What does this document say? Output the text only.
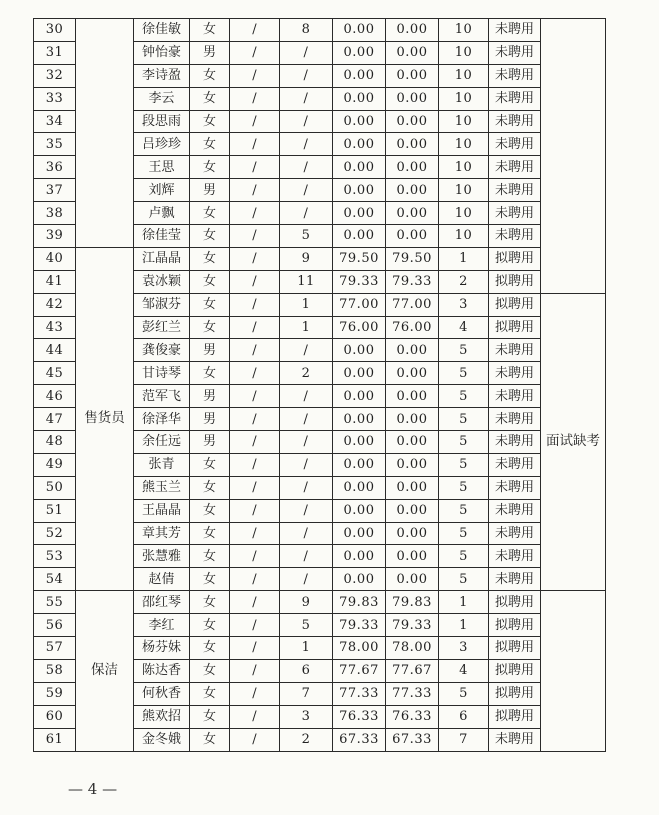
30		徐佳敏	女	/	8	0.00	0.00	10	未聘用	
31		钟怡豪	男	/	/	0.00	0.00	10	未聘用	
32		李诗盈	女	/	/	0.00	0.00	10	未聘用	
33		李云	女	/	/	0.00	0.00	10	未聘用	
34		段思雨	女	/	/	0.00	0.00	10	未聘用	
35		吕珍珍	女	/	/	0.00	0.00	10	未聘用	
36		王思	女	/	/	0.00	0.00	10	未聘用	
37		刘辉	男	/	/	0.00	0.00	10	未聘用	
38		卢飘	女	/	/	0.00	0.00	10	未聘用	
39		徐佳莹	女	/	5	0.00	0.00	10	未聘用	
40	售货员	江晶晶	女	/	9	79.50	79.50	1	拟聘用	
41		袁冰颖	女	/	11	79.33	79.33	2	拟聘用	
42		邹淑芬	女	/	1	77.00	77.00	3	拟聘用	面试缺考
43		彭红兰	女	/	1	76.00	76.00	4	拟聘用	
44		龚俊豪	男	/	/	0.00	0.00	5	未聘用	
45		甘诗琴	女	/	2	0.00	0.00	5	未聘用	
46		范军飞	男	/	/	0.00	0.00	5	未聘用	
47		徐泽华	男	/	/	0.00	0.00	5	未聘用	
48		余任远	男	/	/	0.00	0.00	5	未聘用	
49		张青	女	/	/	0.00	0.00	5	未聘用	
50		熊玉兰	女	/	/	0.00	0.00	5	未聘用	
51		王晶晶	女	/	/	0.00	0.00	5	未聘用	
52		章其芳	女	/	/	0.00	0.00	5	未聘用	
53		张慧雅	女	/	/	0.00	0.00	5	未聘用	
54		赵倩	女	/	/	0.00	0.00	5	未聘用	
55	保洁	邵红琴	女	/	9	79.83	79.83	1	拟聘用	
56		李红	女	/	5	79.33	79.33	1	拟聘用	
57		杨芬妹	女	/	1	78.00	78.00	3	拟聘用	
58		陈达香	女	/	6	77.67	77.67	4	拟聘用	
59		何秋香	女	/	7	77.33	77.33	5	拟聘用	
60		熊欢招	女	/	3	76.33	76.33	6	拟聘用	
61		金冬娥	女	/	2	67.33	67.33	7	未聘用	
— 4 —
